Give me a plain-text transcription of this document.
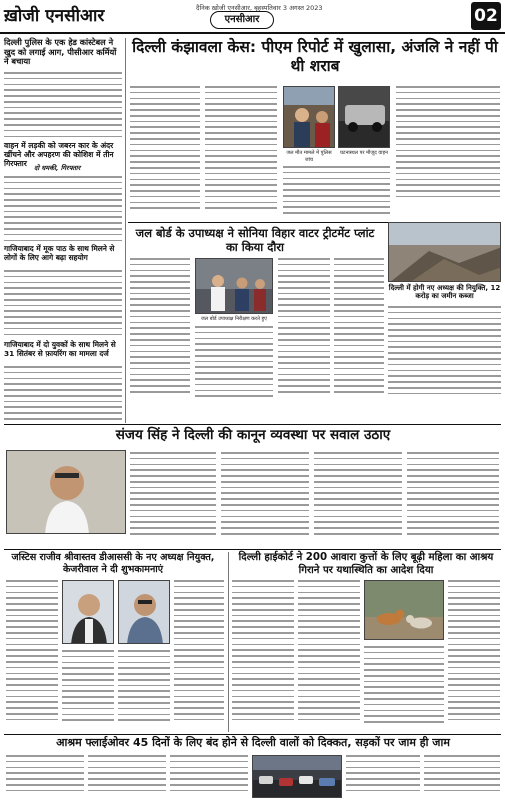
ख़ोजी एनसीआर	दैनिक ख़ोजी एनसीआर, बृहस्पतिवार 3 अगस्त 2023
एनसीआर	02
दिल्ली पुलिस के एक हेड कांस्टेबल ने खुद को लगाई आग, पीसीआर कर्मियों ने बचाया
वाहन में लड़की को जबरन कार के अंदर खींचने और अपहरण की कोशिश में तीन गिरफ्तार
दो धमकी, गिरफ्तार
गाजियाबाद में मूक पाठ के साथ मिलने से लोगों के लिए आगे बढ़ा सहयोग
गाजियाबाद में दो युवकों के साथ मिलने से 31 सितंबर से फ़ायरिंग का मामला दर्ज
दिल्ली कंझावला केस: पीएम रिपोर्ट में खुलासा, अंजलि ने नहीं पी थी शराब
जल मौत मामले में पुलिस जांच
घटनास्थल पर मौजूद वाहन
जल बोर्ड के उपाध्यक्ष ने सोनिया विहार वाटर ट्रीटमेंट प्लांट का किया दौरा
दिल्ली में होगी नए अध्यक्ष की नियुक्ति, 12 करोड़ का जमीन कब्जा
जल बोर्ड उपाध्यक्ष निरीक्षण करते हुए
संजय सिंह ने दिल्ली की कानून व्यवस्था पर सवाल उठाए
जस्टिस राजीव श्रीवास्तव डीआससी के नए अध्यक्ष नियुक्त, केजरीवाल ने दी शुभकामनाएं
दिल्ली हाईकोर्ट ने 200 आवारा कुत्तों के लिए बूढ़ी महिला का आश्रय गिराने पर यथास्थिति का आदेश दिया
आश्रम फ्लाईओवर 45 दिनों के लिए बंद होने से दिल्ली वालों को दिक्कत, सड़कों पर जाम ही जाम
